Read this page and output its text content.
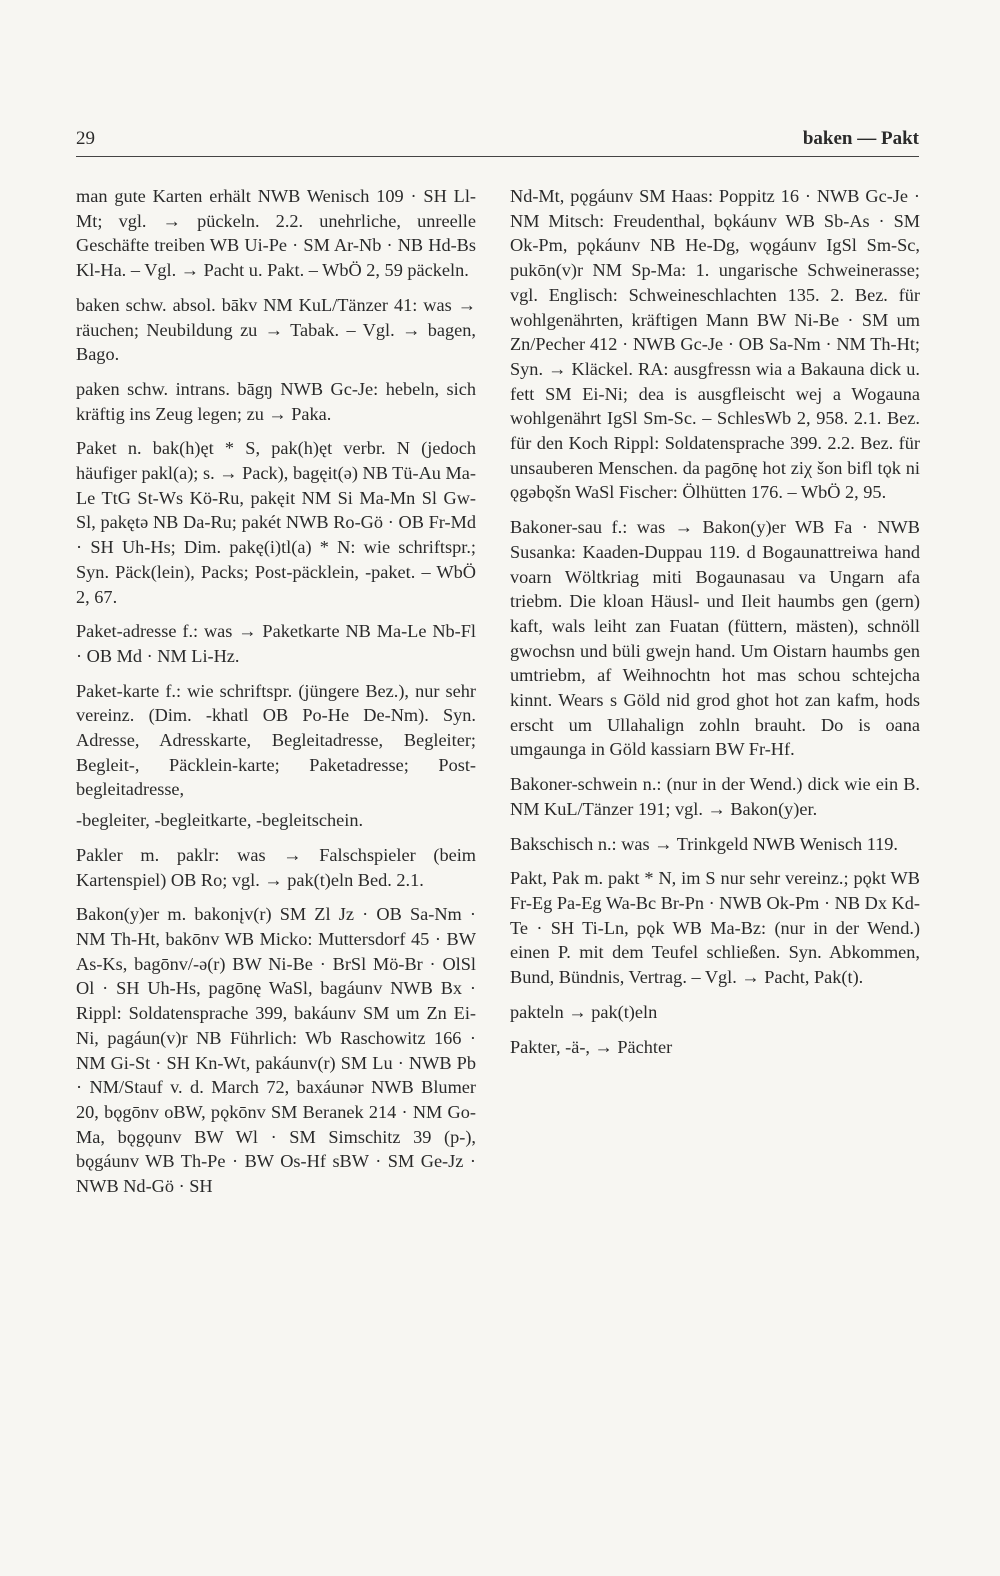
29	baken — Pakt

man gute Karten erhält NWB Wenisch 109 · SH Ll-Mt; vgl. → pückeln. 2.2. unehrliche, unreelle Geschäfte treiben WB Ui-Pe · SM Ar-Nb · NB Hd-Bs Kl-Ha. – Vgl. → Pacht u. Pakt. – WbÖ 2, 59 päckeln.

baken schw. absol. bākv NM KuL/Tänzer 41: was → räuchen; Neubildung zu → Tabak. – Vgl. → bagen, Bago.

paken schw. intrans. bāgŋ NWB Gc-Je: hebeln, sich kräftig ins Zeug legen; zu → Paka.

Paket n. bak(h)ęt * S, pak(h)ęt verbr. N (jedoch häufiger pakl(a); s. → Pack), bagęit(ə) NB Tü-Au Ma-Le TtG St-Ws Kö-Ru, pakęit NM Si Ma-Mn Sl Gw-Sl, pakętə NB Da-Ru; pakét NWB Ro-Gö · OB Fr-Md · SH Uh-Hs; Dim. pakę(i)tl(a) * N: wie schriftspr.; Syn. Päck(lein), Packs; Post-päcklein, -paket. – WbÖ 2, 67.

Paket-adresse f.: was → Paketkarte NB Ma-Le Nb-Fl · OB Md · NM Li-Hz.

Paket-karte f.: wie schriftspr. (jüngere Bez.), nur sehr vereinz. (Dim. -khatl OB Po-He De-Nm). Syn. Adresse, Adresskarte, Begleitadresse, Begleiter; Begleit-, Päcklein-karte; Paketadresse; Post-begleitadresse,

-begleiter, -begleitkarte, -begleitschein.

Pakler m. paklr: was → Falschspieler (beim Kartenspiel) OB Ro; vgl. → pak(t)eln Bed. 2.1.

Bakon(y)er m. bakonįv(r) SM Zl Jz · OB Sa-Nm · NM Th-Ht, bakōnv WB Micko: Muttersdorf 45 · BW As-Ks, bagōnv/-ə(r) BW Ni-Be · BrSl Mö-Br · OlSl Ol · SH Uh-Hs, pagōnę WaSl, bagáunv NWB Bx · Rippl: Soldatensprache 399, bakáunv SM um Zn Ei-Ni, pagáun(v)r NB Führlich: Wb Raschowitz 166 · NM Gi-St · SH Kn-Wt, pakáunv(r) SM Lu · NWB Pb · NM/Stauf v. d. March 72, baxáunər NWB Blumer 20, bǫgōnv oBW, pǫkōnv SM Beranek 214 · NM Go-Ma, bǫgǫunv BW Wl · SM Simschitz 39 (p-), bǫgáunv WB Th-Pe · BW Os-Hf sBW · SM Ge-Jz · NWB Nd-Gö · SH

Nd-Mt, pǫgáunv SM Haas: Poppitz 16 · NWB Gc-Je · NM Mitsch: Freudenthal, bǫkáunv WB Sb-As · SM Ok-Pm, pǫkáunv NB He-Dg, wǫgáunv IgSl Sm-Sc, pukōn(v)r NM Sp-Ma: 1. ungarische Schweinerasse; vgl. Englisch: Schweineschlachten 135. 2. Bez. für wohlgenährten, kräftigen Mann BW Ni-Be · SM um Zn/Pecher 412 · NWB Gc-Je · OB Sa-Nm · NM Th-Ht; Syn. → Kläckel. RA: ausgfressn wia a Bakauna dick u. fett SM Ei-Ni; dea is ausgfleischt wej a Wogauna wohlgenährt IgSl Sm-Sc. – SchlesWb 2, 958. 2.1. Bez. für den Koch Rippl: Soldatensprache 399. 2.2. Bez. für unsauberen Menschen. da pagōnę hot ziχ šon bifl tǫk ni ǫgəbǫšn WaSl Fischer: Ölhütten 176. – WbÖ 2, 95.

Bakoner-sau f.: was → Bakon(y)er WB Fa · NWB Susanka: Kaaden-Duppau 119. d Bogaunattreiwa hand voarn Wöltkriag miti Bogaunasau va Ungarn afa triebm. Die kloan Häusl- und Ileit haumbs gen (gern) kaft, wals leiht zan Fuatan (füttern, mästen), schnöll gwochsn und büli gwejn hand. Um Oistarn haumbs gen umtriebm, af Weihnochtn hot mas schou schtejcha kinnt. Wears s Göld nid grod ghot hot zan kafm, hods erscht um Ullahalign zohln brauht. Do is oana umgaunga in Göld kassiarn BW Fr-Hf.

Bakoner-schwein n.: (nur in der Wend.) dick wie ein B. NM KuL/Tänzer 191; vgl. → Bakon(y)er.

Bakschisch n.: was → Trinkgeld NWB Wenisch 119.

Pakt, Pak m. pakt * N, im S nur sehr vereinz.; pǫkt WB Fr-Eg Pa-Eg Wa-Bc Br-Pn · NWB Ok-Pm · NB Dx Kd-Te · SH Ti-Ln, pǫk WB Ma-Bz: (nur in der Wend.) einen P. mit dem Teufel schließen. Syn. Abkommen, Bund, Bündnis, Vertrag. – Vgl. → Pacht, Pak(t).

pakteln → pak(t)eln

Pakter, -ä-, → Pächter
